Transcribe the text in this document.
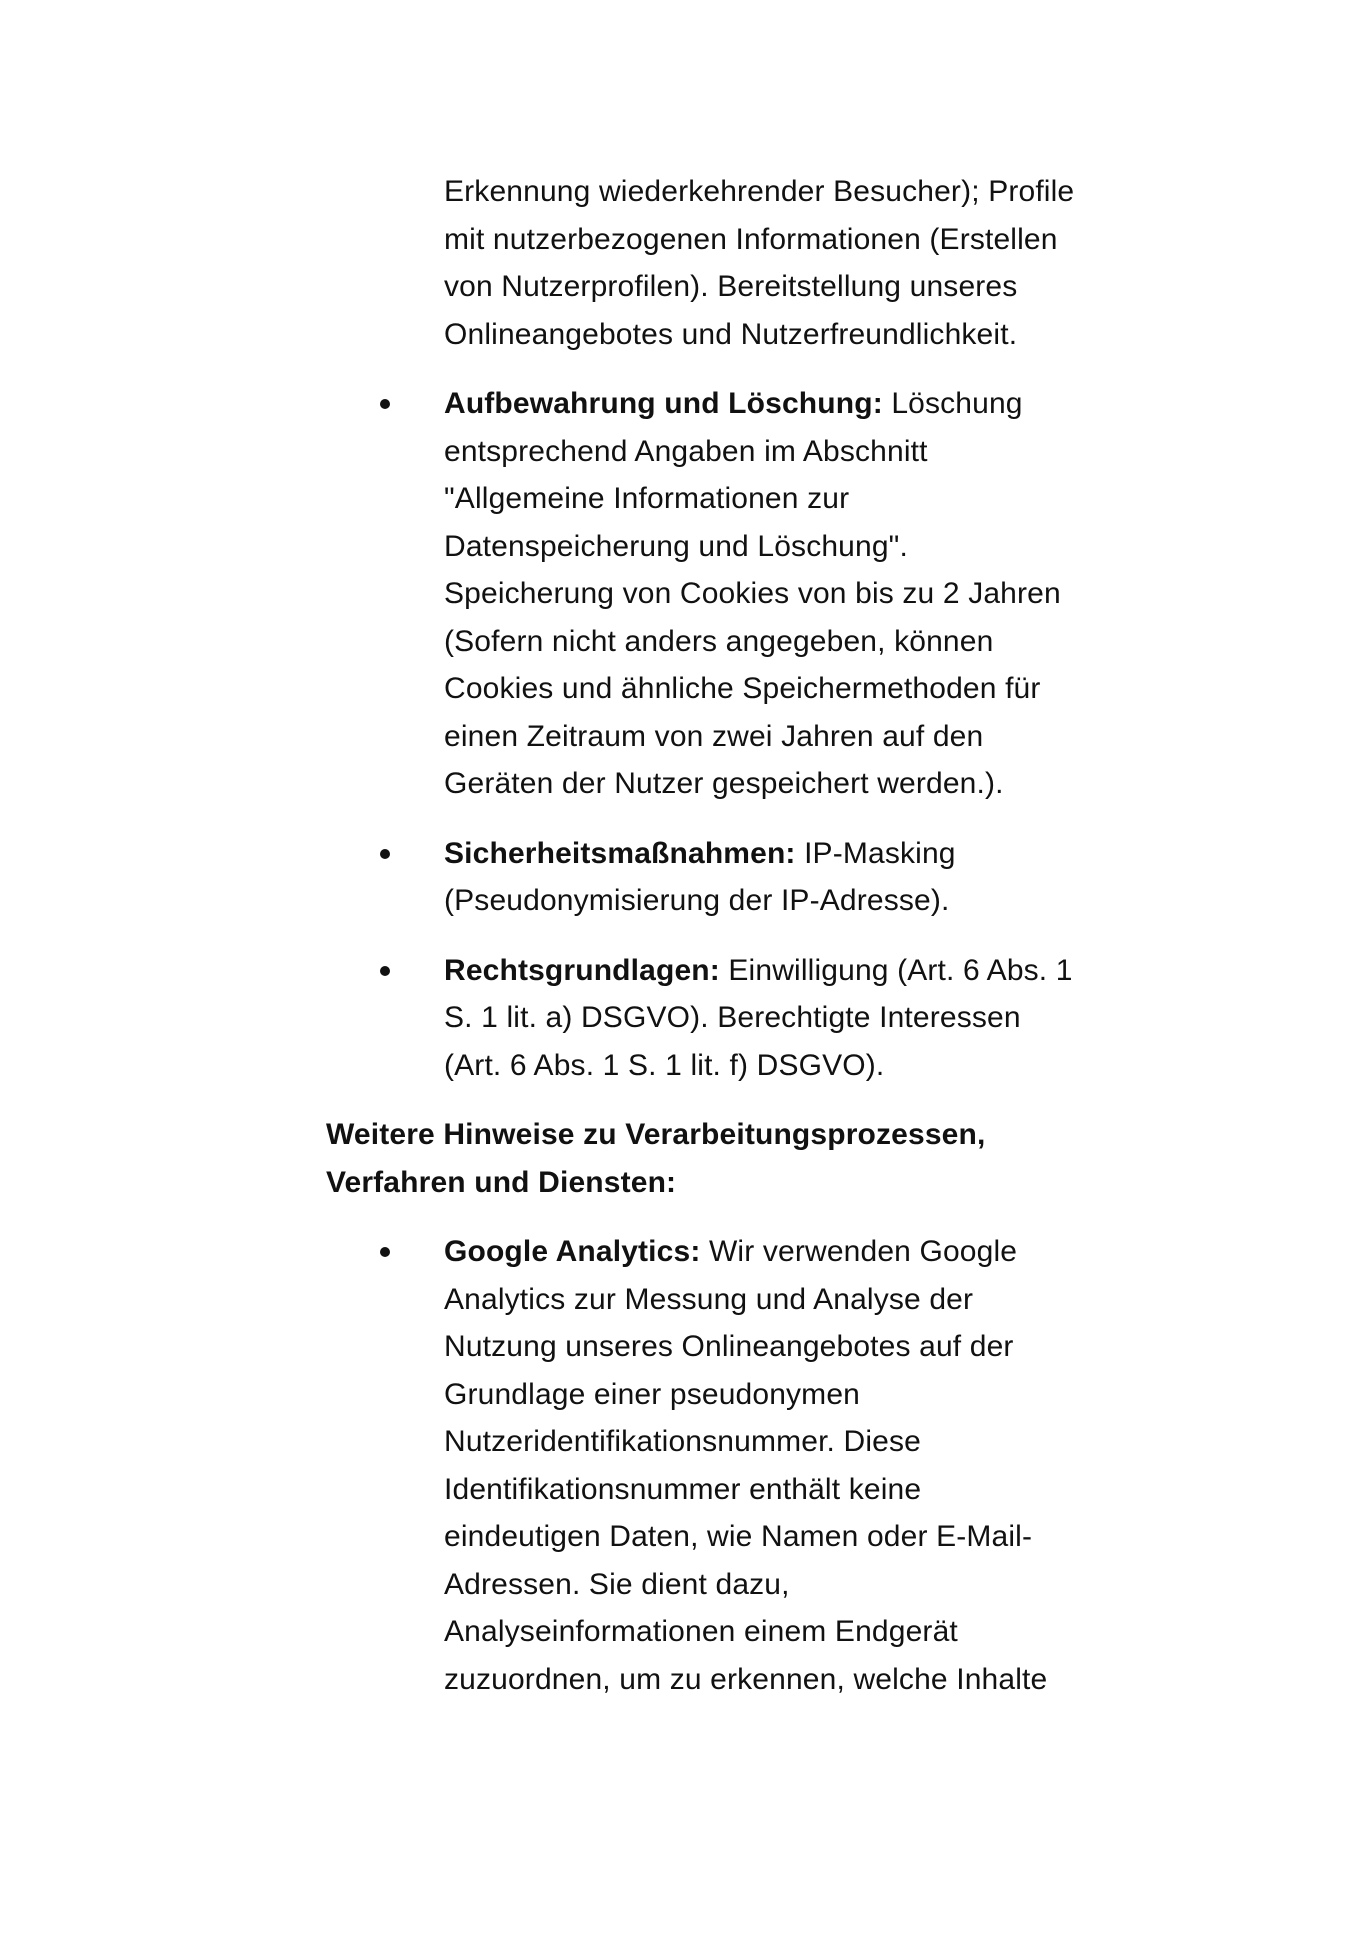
Erkennung wiederkehrender Besucher); Profile mit nutzerbezogenen Informationen (Erstellen von Nutzerprofilen). Bereitstellung unseres Onlineangebotes und Nutzerfreundlichkeit.

Aufbewahrung und Löschung: Löschung entsprechend Angaben im Abschnitt "Allgemeine Informationen zur Datenspeicherung und Löschung". Speicherung von Cookies von bis zu 2 Jahren (Sofern nicht anders angegeben, können Cookies und ähnliche Speichermethoden für einen Zeitraum von zwei Jahren auf den Geräten der Nutzer gespeichert werden.).
Sicherheitsmaßnahmen: IP-Masking (Pseudonymisierung der IP-Adresse).
Rechtsgrundlagen: Einwilligung (Art. 6 Abs. 1 S. 1 lit. a) DSGVO). Berechtigte Interessen (Art. 6 Abs. 1 S. 1 lit. f) DSGVO).

Weitere Hinweise zu Verarbeitungsprozessen, Verfahren und Diensten:

Google Analytics: Wir verwenden Google Analytics zur Messung und Analyse der Nutzung unseres Onlineangebotes auf der Grundlage einer pseudonymen Nutzeridentifikationsnummer. Diese Identifikationsnummer enthält keine eindeutigen Daten, wie Namen oder E-Mail-Adressen. Sie dient dazu, Analyseinformationen einem Endgerät zuzuordnen, um zu erkennen, welche Inhalte
